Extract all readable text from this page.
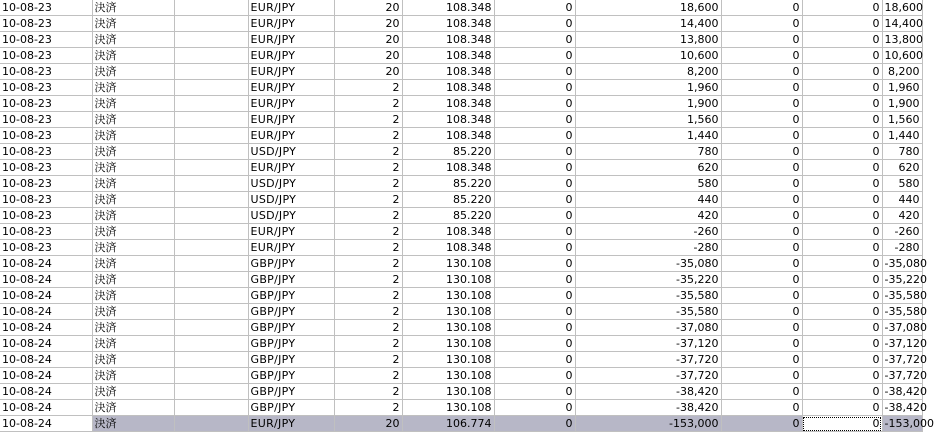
10-08-23	決済		EUR/JPY	20	108.348	0	18,600	0	0	18,600
10-08-23	決済		EUR/JPY	20	108.348	0	14,400	0	0	14,400
10-08-23	決済		EUR/JPY	20	108.348	0	13,800	0	0	13,800
10-08-23	決済		EUR/JPY	20	108.348	0	10,600	0	0	10,600
10-08-23	決済		EUR/JPY	20	108.348	0	8,200	0	0	8,200
10-08-23	決済		EUR/JPY	2	108.348	0	1,960	0	0	1,960
10-08-23	決済		EUR/JPY	2	108.348	0	1,900	0	0	1,900
10-08-23	決済		EUR/JPY	2	108.348	0	1,560	0	0	1,560
10-08-23	決済		EUR/JPY	2	108.348	0	1,440	0	0	1,440
10-08-23	決済		USD/JPY	2	85.220	0	780	0	0	780
10-08-23	決済		EUR/JPY	2	108.348	0	620	0	0	620
10-08-23	決済		USD/JPY	2	85.220	0	580	0	0	580
10-08-23	決済		USD/JPY	2	85.220	0	440	0	0	440
10-08-23	決済		USD/JPY	2	85.220	0	420	0	0	420
10-08-23	決済		EUR/JPY	2	108.348	0	-260	0	0	-260
10-08-23	決済		EUR/JPY	2	108.348	0	-280	0	0	-280
10-08-24	決済		GBP/JPY	2	130.108	0	-35,080	0	0	-35,080
10-08-24	決済		GBP/JPY	2	130.108	0	-35,220	0	0	-35,220
10-08-24	決済		GBP/JPY	2	130.108	0	-35,580	0	0	-35,580
10-08-24	決済		GBP/JPY	2	130.108	0	-35,580	0	0	-35,580
10-08-24	決済		GBP/JPY	2	130.108	0	-37,080	0	0	-37,080
10-08-24	決済		GBP/JPY	2	130.108	0	-37,120	0	0	-37,120
10-08-24	決済		GBP/JPY	2	130.108	0	-37,720	0	0	-37,720
10-08-24	決済		GBP/JPY	2	130.108	0	-37,720	0	0	-37,720
10-08-24	決済		GBP/JPY	2	130.108	0	-38,420	0	0	-38,420
10-08-24	決済		GBP/JPY	2	130.108	0	-38,420	0	0	-38,420
10-08-24	決済		EUR/JPY	20	106.774	0	-153,000	0	0	-153,000
